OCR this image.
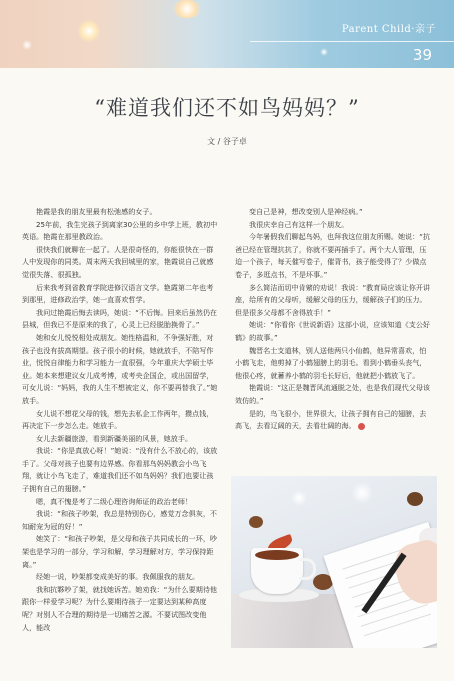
Parent Child·亲子
39
“难道我们还不如鸟妈妈？”
文 / 谷子卓

艳霞是我的朋友里最有松弛感的女子。

25年前，我生完孩子到离家30公里的乡中学上班，教初中英语。艳霞在那里教政治。

很快我们就聊在一起了。人是很奇怪的，你能很快在一群人中发现你的同类。周末两天我回城里的家，艳霞说自己就感觉很失落、很孤独。

后来我考到省教育学院进修汉语言文学。艳霞第二年也考到那里，进修政治学，她一直喜欢哲学。

我问过艳霞后悔去读吗，她说：“不后悔。回来后虽然仍在县城，但我已不是原来的我了，心灵上已经脱胎换骨了。”

她和女儿悦悦相处成朋友。她性格温和，不争强好胜，对孩子也没有拔高期望。孩子很小的时候，她就放手，不陪写作业，悦悦自律能力和学习能力一直很强，今年重庆大学硕士毕业。她本来想建议女儿成考博，或考央企国企，或出国留学，可女儿说：“妈妈，我的人生不想被定义，你不要再替我了。”她放手。

女儿说不想花父母的钱，想先去私企工作两年，攒点钱，再决定下一步怎么走。她放手。

女儿去新疆旅游，看到新疆美丽的风景，她放手。

我说：“你是真放心呀！”她说：“没有什么不放心的，该放手了。父母对孩子也要有边界感。你看那鸟妈妈教会小鸟飞翔，就让小鸟飞走了，难道我们还不如鸟妈妈？我们也要让孩子拥有自己的翅膀。”

嗯，真不愧是考了二级心理咨询师证的政治老师！

我说：“和孩子吵架，我总是特别伤心，感觉万念俱灰，不知耐宠为冠的好！”

她笑了：“和孩子吵架，是父母和孩子共同成长的一环，吵架也是学习的一部分，学习和解，学习理解对方，学习保持距离。”

经她一说，吵架都变成美好的事。我佩服我的朋友。

我和抗夥吵了架，就找她诉苦。她劝我：“为什么要期待他跟你一样爱学习呢？为什么要期待孩子一定要达到某种高度呢？对别人不合理的期待是一切痛苦之源。不要试图改变他人，能改

变自己是神，想改变别人是神经病。”

我很庆幸自己有这样一个朋友。

今年暑假我们聊起鸟妈，也拜我这位朋友所赐。她说：“抗爸已经在管理抗抗了，你就不要再插手了。两个大人管理，压迫一个孩子，每天催写卷子，催背书，孩子能受得了？少做点卷子，多逛点书，不是坏事。”

多么简洁而切中肯綮的劝说！我说：“教育局应该让你开讲座，给所有的父母听，缓解父母的压力，缓解孩子们的压力。但是很多父母都不舍得放手！”

她说：“你看你《世说新语》这部小说，应该知道《支公好鹤》的故事。”

魏晋名士支道林，别人送他两只小仙鹤，他异常喜欢，怕小鹤飞走，他剪掉了小鹤翅膀上的羽毛。看到小鹤垂头丧气，他很心疼，就蓄养小鹤的羽毛长好后，他就把小鹤放飞了。

艳霞说：“这正是魏晋风流通脱之处，也是我们现代父母该效仿的。”

是的，鸟飞很小，世界很大，让孩子拥有自己的翅膀，去高飞，去看辽阔的天，去看壮阔的海。
